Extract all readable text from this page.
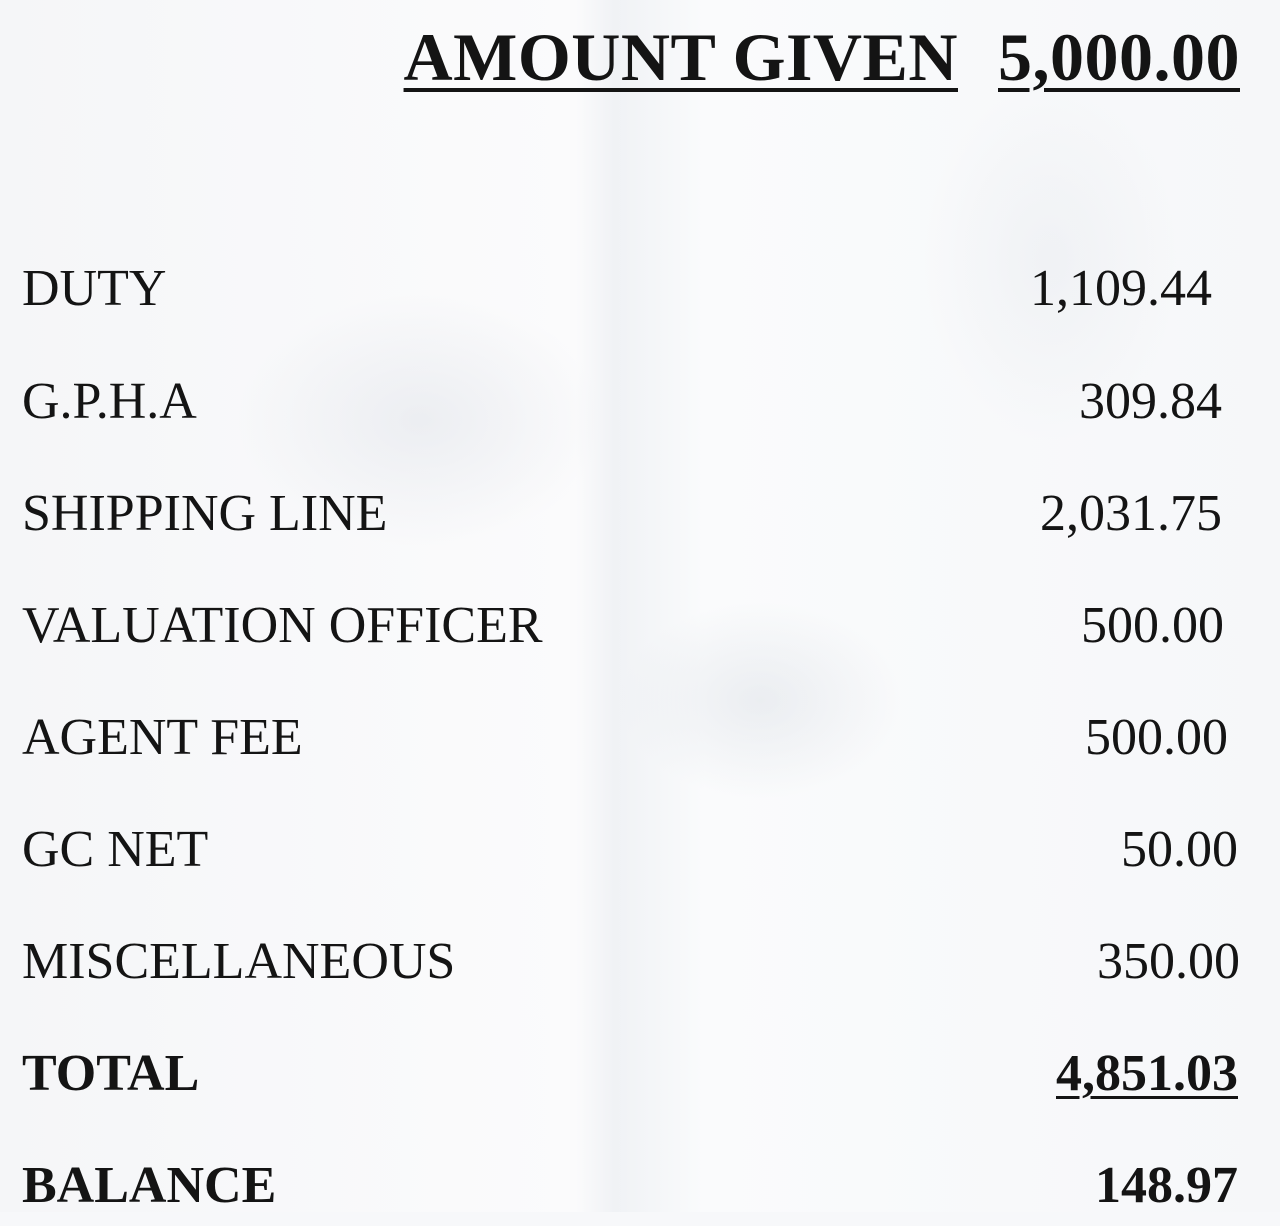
AMOUNT GIVEN 5,000.00
DUTY	1,109.44
G.P.H.A	309.84
SHIPPING LINE	2,031.75
VALUATION OFFICER	500.00
AGENT FEE	500.00
GC NET	50.00
MISCELLANEOUS	350.00
TOTAL	4,851.03
BALANCE	148.97
